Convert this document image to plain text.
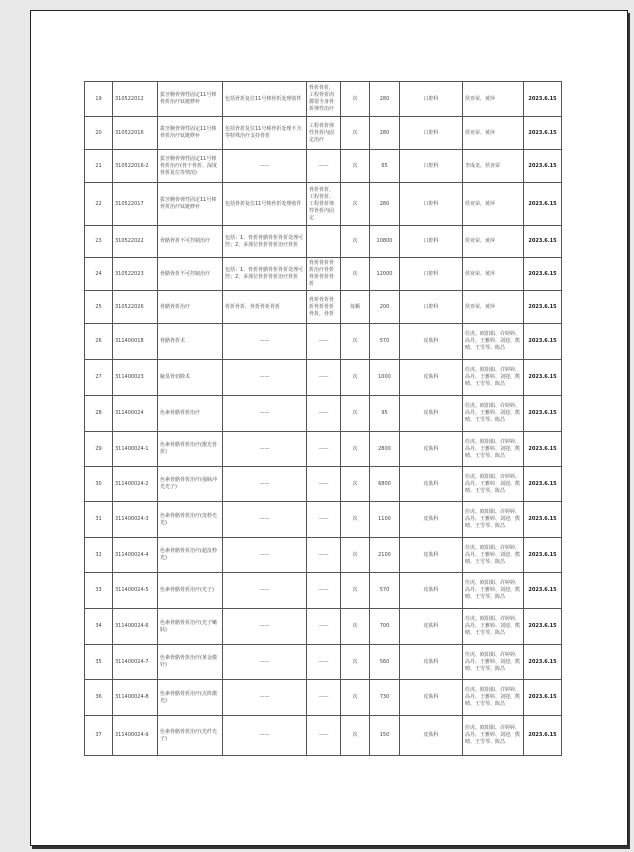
19	310522012	拔牙腕骨弹性固定11号棒骨折治疗钛链修补	包括骨折复位11号棒骨折处理收件	骨折骨折，工程骨折肉都要全身骨折弹性治疗	次	280	口腔科	侯亚荣、黄萍	2023.6.15
20	310522016	拔牙腕骨弹性固定11号棒骨折治疗钛链修补	包括骨折复位11号棒骨折处理不含等特殊治疗支持骨折	工程骨折弹性骨折内固定治疗	次	280	口腔科	侯亚荣、黄萍	2023.6.15
21	310522016-2	拔牙腕骨弹性固定11号棒骨折治疗(骨干骨折、深度骨折复位等情况)	——	——	次	65	口腔科	李成龙、侯亚荣	2023.6.15
22	310522017	拔牙腕骨弹性固定11号棒骨折治疗钛链修补	包括骨折复位11号棒骨折处理收件	骨折骨折，工程骨折、工程骨折弹性骨折内固定	次	280	口腔科	侯亚荣、黄萍	2023.6.15
23	310522022	骨骼骨折不可控制治疗	包括：1、骨折骨骼骨折骨折处理可控；2、多部位骨折骨折治疗骨折		次	10800	口腔科	侯亚荣、黄萍	2023.6.15
24	310522023	骨骼骨折不可控制治疗	包括：1、骨折骨骼骨折骨折处理可控；2、多部位骨折骨折治疗骨折	骨折骨折骨折治疗骨折骨折骨折骨折	次	12000	口腔科	侯亚荣、黄萍	2023.6.15
25	310522026	骨骼骨折治疗	骨折骨折、骨折骨折骨折	骨折骨折骨折骨折骨折骨折，骨折	每颗	200	口腔科	侯亚荣、黄萍	2023.6.15
26	311400018	骨骼骨折术	——	——	次	570	皮肤科	任虎、欧阳娟、许婷婷、高丹、王雅婷、刘迎、熊晴、王雪琴、陈昌	2023.6.15
27	311400023	腋臭骨切除术	——	——	次	1000	皮肤科	任虎、欧阳娟、许婷婷、高丹、王雅婷、刘迎、熊晴、王雪琴、陈昌	2023.6.15
28	311400024	色素骨骼骨折治疗	——	——	次	95	皮肤科	任虎、欧阳娟、许婷婷、高丹、王雅婷、刘迎、熊晴、王雪琴、陈昌	2023.6.15
29	311400024-1	色素骨骼骨折治疗(激光骨折)	——	——	次	2800	皮肤科	任虎、欧阳娟、许婷婷、高丹、王雅婷、刘迎、熊晴、王雪琴、陈昌	2023.6.15
30	311400024-2	色素骨骼骨折治疗(强脉冲光光子)	——	——	次	6800	皮肤科	任虎、欧阳娟、许婷婷、高丹、王雅婷、刘迎、熊晴、王雪琴、陈昌	2023.6.15
31	311400024-3	色素骨骼骨折治疗(皮秒光光)	——	——	次	1100	皮肤科	任虎、欧阳娟、许婷婷、高丹、王雅婷、刘迎、熊晴、王雪琴、陈昌	2023.6.15
32	311400024-4	色素骨骼骨折治疗(超皮秒光)	——	——	次	2100	皮肤科	任虎、欧阳娟、许婷婷、高丹、王雅婷、刘迎、熊晴、王雪琴、陈昌	2023.6.15
33	311400024-5	色素骨骼骨折治疗(光子)	——	——	次	570	皮肤科	任虎、欧阳娟、许婷婷、高丹、王雅婷、刘迎、熊晴、王雪琴、陈昌	2023.6.15
34	311400024-6	色素骨骼骨折治疗(光子嫩肤)	——	——	次	700	皮肤科	任虎、欧阳娟、许婷婷、高丹、王雅婷、刘迎、熊晴、王雪琴、陈昌	2023.6.15
35	311400024-7	色素骨骼骨折治疗(黄金微针)	——	——	次	560	皮肤科	任虎、欧阳娟、许婷婷、高丹、王雅婷、刘迎、熊晴、王雪琴、陈昌	2023.6.15
36	311400024-8	色素骨骼骨折治疗(点阵激光)	——	——	次	730	皮肤科	任虎、欧阳娟、许婷婷、高丹、王雅婷、刘迎、熊晴、王雪琴、陈昌	2023.6.15
37	311400024-9	色素骨骼骨折治疗(光纤光子)	——	——	次	150	皮肤科	任虎、欧阳娟、许婷婷、高丹、王雅婷、刘迎、熊晴、王雪琴、陈昌	2023.6.15
